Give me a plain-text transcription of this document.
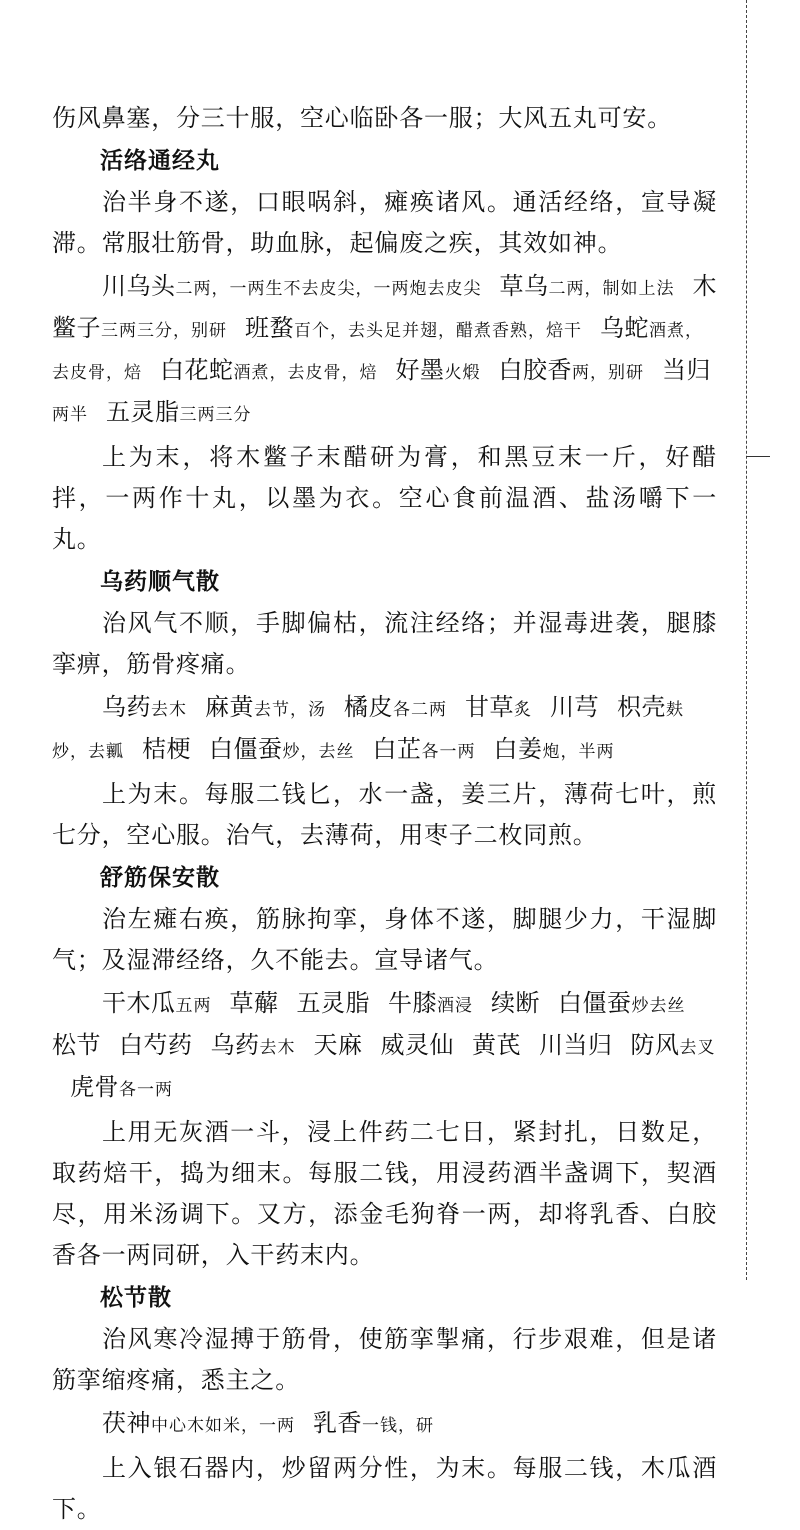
伤风鼻塞，分三十服，空心临卧各一服；大风五丸可安。

活络通经丸

治半身不遂，口眼㖞斜，瘫痪诸风。通活经络，宣导凝滞。常服壮筋骨，助血脉，起偏废之疾，其效如神。

川乌头二两，一两生不去皮尖，一两炮去皮尖 草乌二两，制如上法 木鳖子三两三分，别研 班蝥百个，去头足并翅，醋煮香熟，焙干 乌蛇酒煮，去皮骨，焙 白花蛇酒煮，去皮骨，焙 好墨火煅 白胶香两，别研 当归两半 五灵脂三两三分

上为末，将木鳖子末醋研为膏，和黑豆末一斤，好醋拌，一两作十丸，以墨为衣。空心食前温酒、盐汤嚼下一丸。

乌药顺气散

治风气不顺，手脚偏枯，流注经络；并湿毒进袭，腿膝挛痹，筋骨疼痛。

乌药去木 麻黄去节，汤 橘皮各二两 甘草炙 川芎 枳壳麸炒，去瓤 桔梗 白僵蚕炒，去丝 白芷各一两 白姜炮，半两

上为末。每服二钱匕，水一盏，姜三片，薄荷七叶，煎七分，空心服。治气，去薄荷，用枣子二枚同煎。

舒筋保安散

治左瘫右痪，筋脉拘挛，身体不遂，脚腿少力，干湿脚气；及湿滞经络，久不能去。宣导诸气。

干木瓜五两 草薢 五灵脂 牛膝酒浸 续断 白僵蚕炒去丝松节 白芍药 乌药去木 天麻 威灵仙 黄芪 川当归 防风去叉虎骨各一两

上用无灰酒一斗，浸上件药二七日，紧封扎，日数足，取药焙干，捣为细末。每服二钱，用浸药酒半盏调下，契酒尽，用米汤调下。又方，添金毛狗脊一两，却将乳香、白胶香各一两同研，入干药末内。

松节散

治风寒冷湿搏于筋骨，使筋挛掣痛，行步艰难，但是诸筋挛缩疼痛，悉主之。

茯神中心木如米，一两 乳香一钱，研

上入银石器内，炒留两分性，为末。每服二钱，木瓜酒下。
